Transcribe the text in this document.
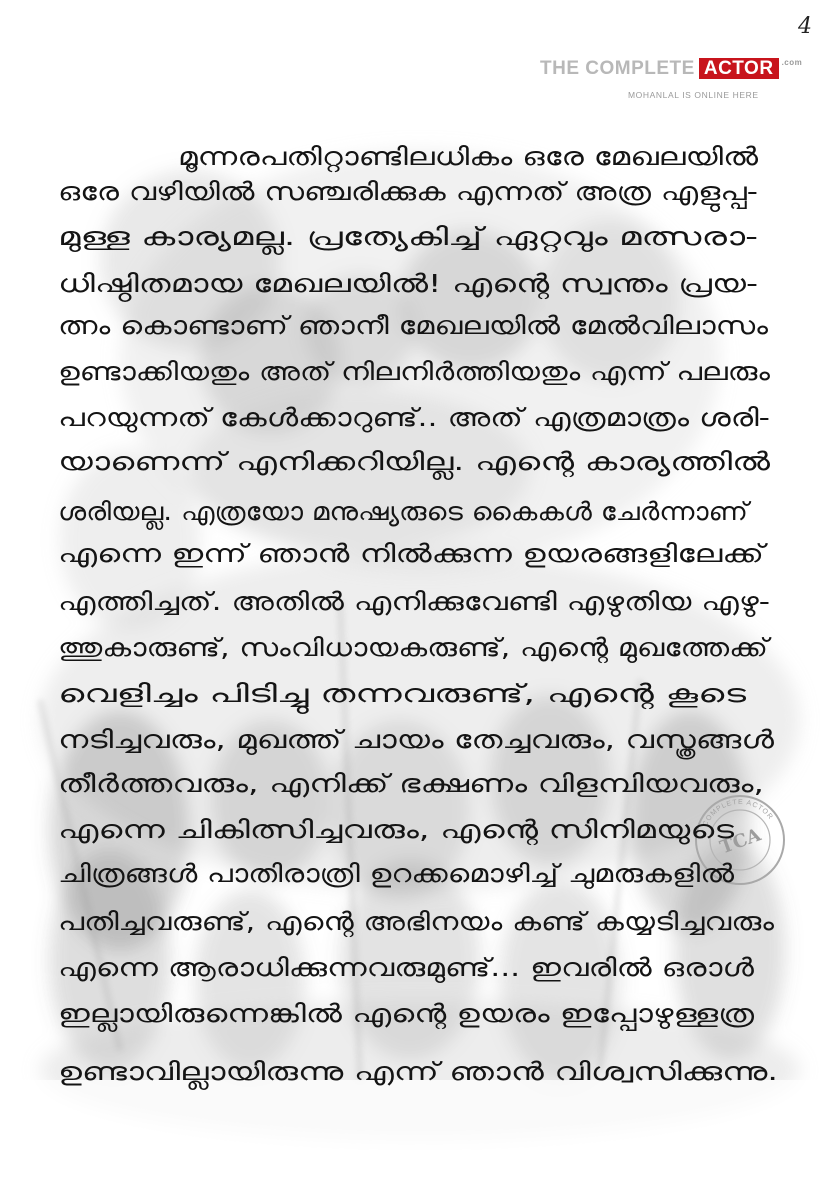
4
THE COMPLETE ACTOR $^{.com}$
MOHANLAL IS ONLINE HERE
TCA
COMPLETE ACTOR
മൂന്നരപതിറ്റാണ്ടിലധികം ഒരേ മേഖലയിൽ
ഒരേ വഴിയിൽ സഞ്ചരിക്കുക എന്നത് അത്ര എളുപ്പ-
മുള്ള കാര്യമല്ല. പ്രത്യേകിച്ച് ഏറ്റവും മത്സരാ-
ധിഷ്ഠിതമായ മേഖലയിൽ! എന്റെ സ്വന്തം പ്രയ-
ത്നം കൊണ്ടാണ് ഞാനീ മേഖലയിൽ മേൽവിലാസം
ഉണ്ടാക്കിയതും അത് നിലനിർത്തിയതും എന്ന് പലരും
പറയുന്നത് കേൾക്കാറുണ്ട്.. അത് എത്രമാത്രം ശരി-
യാണെന്ന് എനിക്കറിയില്ല. എന്റെ കാര്യത്തിൽ
ശരിയല്ല. എത്രയോ മനുഷ്യരുടെ കൈകൾ ചേർന്നാണ്
എന്നെ ഇന്ന് ഞാൻ നിൽക്കുന്ന ഉയരങ്ങളിലേക്ക്
എത്തിച്ചത്. അതിൽ എനിക്കുവേണ്ടി എഴുതിയ എഴു-
ത്തുകാരുണ്ട്, സംവിധായകരുണ്ട്, എന്റെ മുഖത്തേക്ക്
വെളിച്ചം പിടിച്ചു തന്നവരുണ്ട്, എന്റെ കൂടെ
നടിച്ചവരും, മുഖത്ത് ചായം തേച്ചവരും, വസ്ത്രങ്ങൾ
തീർത്തവരും, എനിക്ക് ഭക്ഷണം വിളമ്പിയവരും,
എന്നെ ചികിത്സിച്ചവരും, എന്റെ സിനിമയുടെ
ചിത്രങ്ങൾ പാതിരാത്രി ഉറക്കമൊഴിച്ച് ചുമരുകളിൽ
പതിച്ചവരുണ്ട്, എന്റെ അഭിനയം കണ്ട് കയ്യടിച്ചവരും
എന്നെ ആരാധിക്കുന്നവരുമുണ്ട്... ഇവരിൽ ഒരാൾ
ഇല്ലായിരുന്നെങ്കിൽ എന്റെ ഉയരം ഇപ്പോഴുള്ളത്ര
ഉണ്ടാവില്ലായിരുന്നു എന്ന് ഞാൻ വിശ്വസിക്കുന്നു.
